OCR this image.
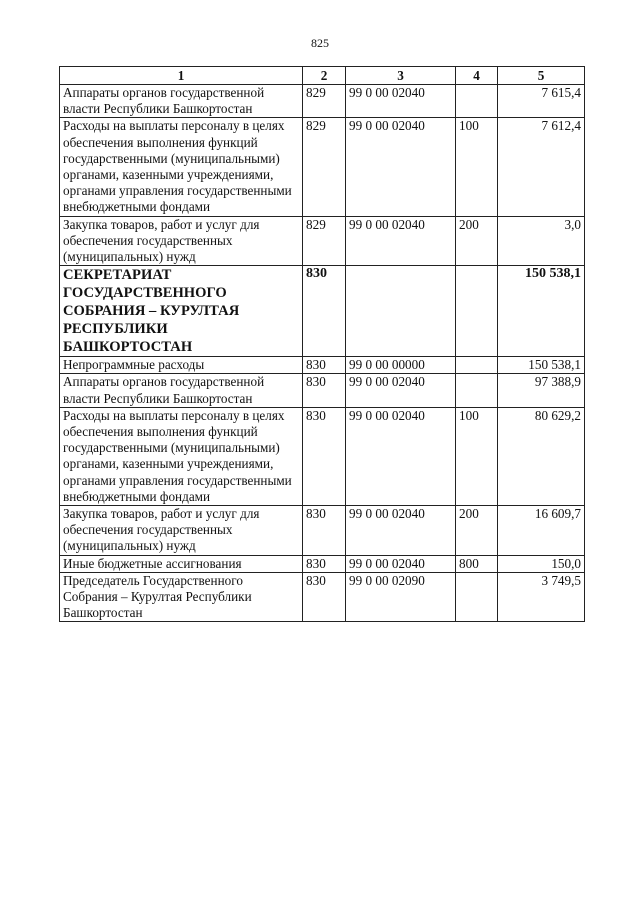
825
1	2	3	4	5
Аппараты органов государственной власти Республики Башкортостан	829	99 0 00 02040		7 615,4
Расходы на выплаты персоналу в целях обеспечения выполнения функций государственными (муниципальными) органами, казенными учреждениями, органами управления государственными внебюджетными фондами	829	99 0 00 02040	100	7 612,4
Закупка товаров, работ и услуг для обеспечения государственных (муниципальных) нужд	829	99 0 00 02040	200	3,0
СЕКРЕТАРИАТ ГОСУДАРСТВЕННОГО СОБРАНИЯ – КУРУЛТАЯ РЕСПУБЛИКИ БАШКОРТОСТАН	830			150 538,1
Непрограммные расходы	830	99 0 00 00000		150 538,1
Аппараты органов государственной власти Республики Башкортостан	830	99 0 00 02040		97 388,9
Расходы на выплаты персоналу в целях обеспечения выполнения функций государственными (муниципальными) органами, казенными учреждениями, органами управления государственными внебюджетными фондами	830	99 0 00 02040	100	80 629,2
Закупка товаров, работ и услуг для обеспечения государственных (муниципальных) нужд	830	99 0 00 02040	200	16 609,7
Иные бюджетные ассигнования	830	99 0 00 02040	800	150,0
Председатель Государственного Собрания – Курултая Республики Башкортостан	830	99 0 00 02090		3 749,5
